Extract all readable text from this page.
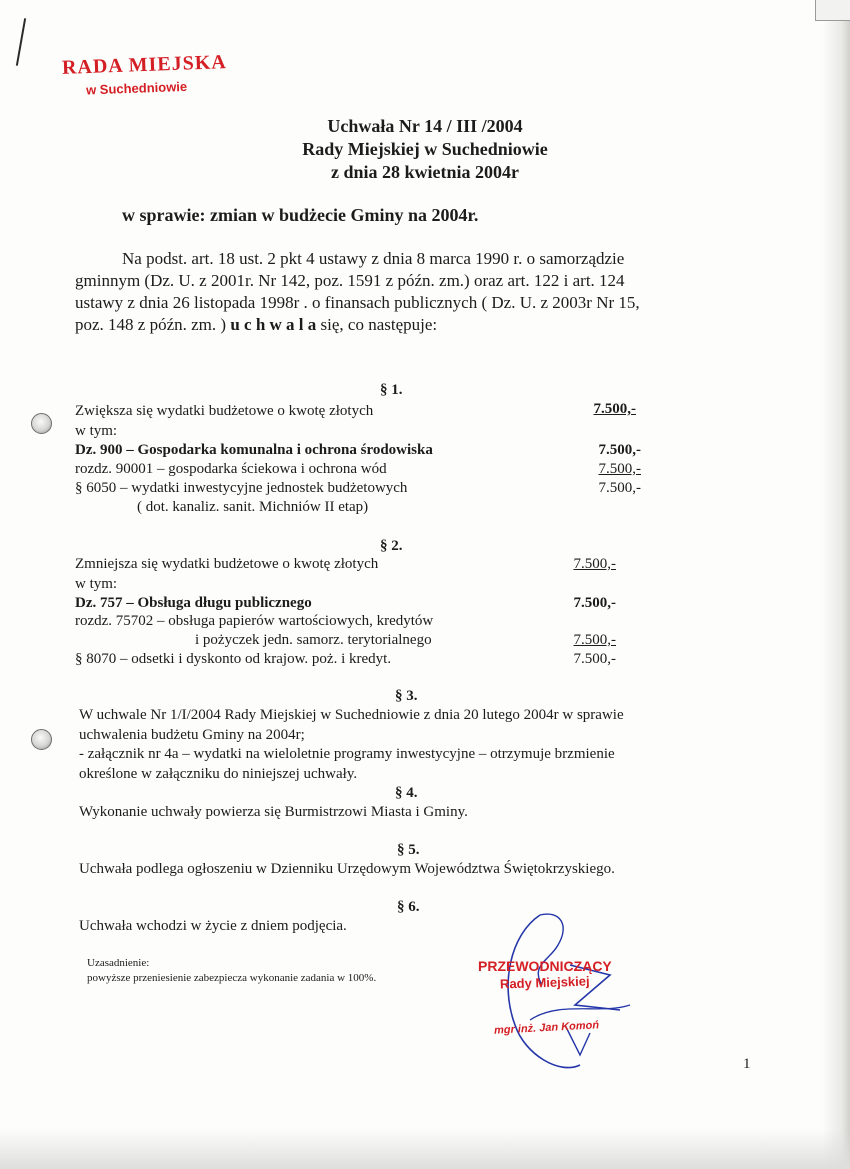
RADA MIEJSKA
w Suchedniowie
Uchwała Nr 14 / III /2004
Rady Miejskiej w Suchedniowie
z dnia 28 kwietnia 2004r
w sprawie: zmian w budżecie Gminy na 2004r.
Na podst. art. 18 ust. 2 pkt 4 ustawy z dnia 8 marca 1990 r. o samorządzie
gminnym (Dz. U. z 2001r. Nr 142, poz. 1591 z późn. zm.) oraz art. 122 i art. 124
ustawy z dnia 26 listopada 1998r . o finansach publicznych ( Dz. U. z 2003r Nr 15,
poz. 148 z późn. zm. ) u c h w a l a się, co następuje:
§ 1.
Zwiększa się wydatki budżetowe o kwotę złotych	7.500,-
w tym:
Dz. 900 – Gospodarka komunalna i ochrona środowiska	7.500,-
rozdz. 90001 – gospodarka ściekowa i ochrona wód	7.500,-
§ 6050 – wydatki inwestycyjne jednostek budżetowych	7.500,-
( dot. kanaliz. sanit. Michniów II etap)
§ 2.
Zmniejsza się wydatki budżetowe o kwotę złotych	7.500,-
w tym:
Dz. 757 – Obsługa długu publicznego	7.500,-
rozdz. 75702 – obsługa papierów wartościowych, kredytów
i pożyczek jedn. samorz. terytorialnego	7.500,-
§ 8070 – odsetki i dyskonto od krajow. poż. i kredyt.	7.500,-
§ 3.
W uchwale Nr 1/I/2004 Rady Miejskiej w Suchedniowie z dnia 20 lutego 2004r w sprawie
uchwalenia budżetu Gminy na 2004r;
- załącznik nr 4a – wydatki na wieloletnie programy inwestycyjne – otrzymuje brzmienie
określone w załączniku do niniejszej uchwały.
§ 4.
Wykonanie uchwały powierza się Burmistrzowi Miasta i Gminy.
§ 5.
Uchwała podlega ogłoszeniu w Dzienniku Urzędowym Województwa Świętokrzyskiego.
§ 6.
Uchwała wchodzi w życie z dniem podjęcia.
Uzasadnienie:
powyższe przeniesienie zabezpiecza wykonanie zadania w 100%.
PRZEWODNICZĄCY
Rady Miejskiej
mgr inż. Jan Komoń
1
